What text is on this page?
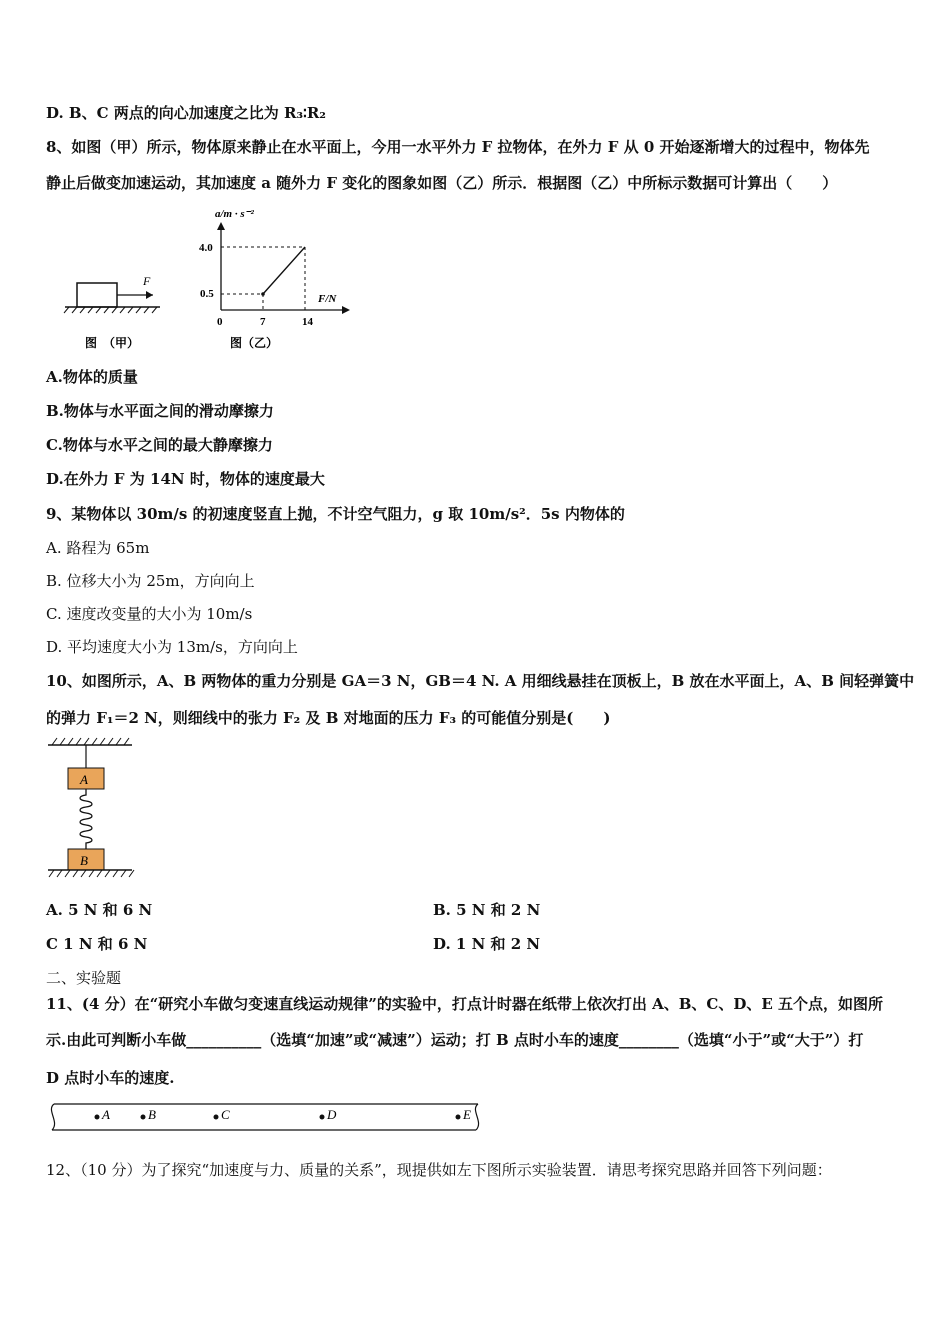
D. B、C 两点的向心加速度之比为 R₃∶R₂
8、如图（甲）所示，物体原来静止在水平面上，今用一水平外力 F 拉物体，在外力 F 从 0 开始逐渐增大的过程中，物体先
静止后做变加速运动，其加速度 a 随外力 F 变化的图象如图（乙）所示．根据图（乙）中所标示数据可计算出（　　）
F
图　（甲）
a/m · s⁻²
F/N
0	7	14
0.5
4.0
图（乙）
A.物体的质量
B.物体与水平面之间的滑动摩擦力
C.物体与水平之间的最大静摩擦力
D.在外力 F 为 14N 时，物体的速度最大
9、某物体以 30m/s 的初速度竖直上抛，不计空气阻力，g 取 10m/s²．5s 内物体的
A. 路程为 65m
B. 位移大小为 25m，方向向上
C. 速度改变量的大小为 10m/s
D. 平均速度大小为 13m/s，方向向上
10、如图所示，A、B 两物体的重力分别是 GA＝3 N，GB＝4 N. A 用细线悬挂在顶板上，B 放在水平面上，A、B 间轻弹簧中
的弹力 F₁＝2 N，则细线中的张力 F₂ 及 B 对地面的压力 F₃ 的可能值分别是(　　)
A
B
A. 5 N 和 6 N	B. 5 N 和 2 N
C 1 N 和 6 N	D. 1 N 和 2 N
二、实验题
11、(4 分）在“研究小车做匀变速直线运动规律”的实验中，打点计时器在纸带上依次打出 A、B、C、D、E 五个点，如图所
示.由此可判断小车做__________（选填“加速”或“减速”）运动；打 B 点时小车的速度________（选填“小于”或“大于”）打
D 点时小车的速度.
A	B	C	D	E
12、（10 分）为了探究“加速度与力、质量的关系”，现提供如左下图所示实验装置．请思考探究思路并回答下列问题：
